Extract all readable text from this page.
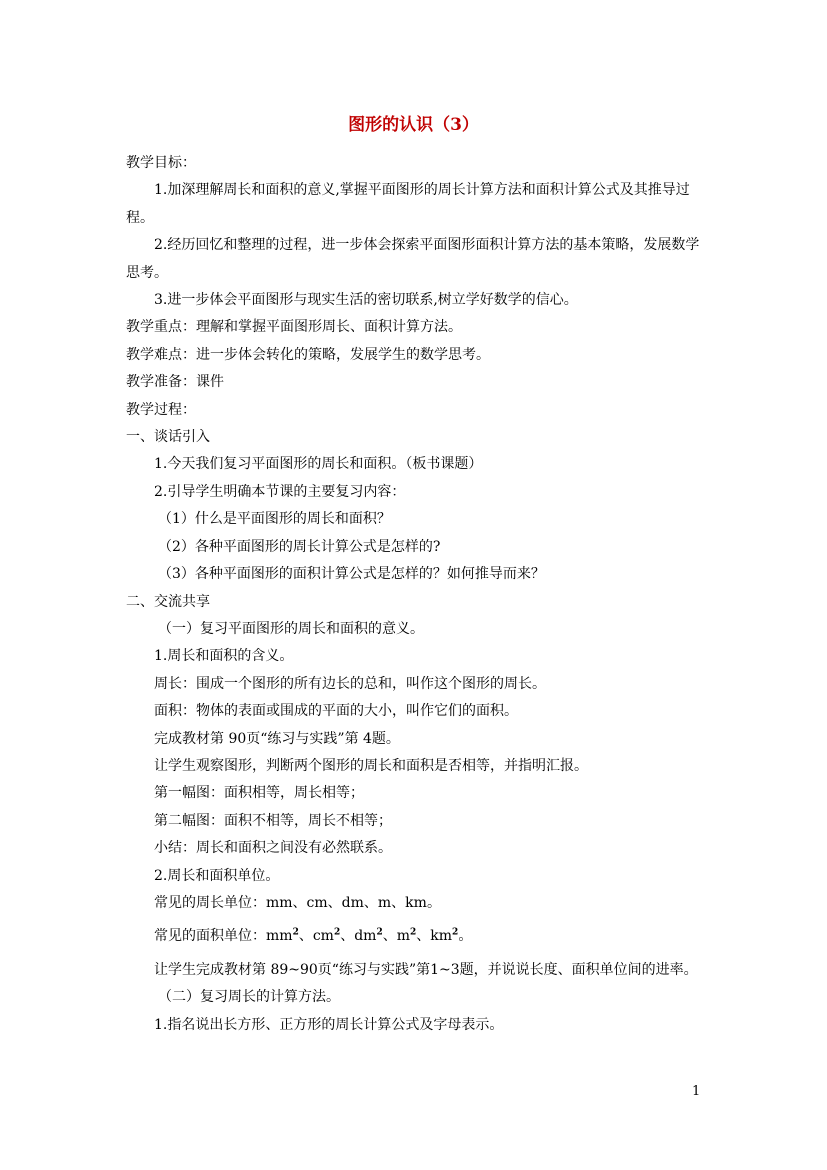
图形的认识（3）

教学目标：

1.加深理解周长和面积的意义,掌握平面图形的周长计算方法和面积计算公式及其推导过程。

2.经历回忆和整理的过程，进一步体会探索平面图形面积计算方法的基本策略，发展数学思考。

3.进一步体会平面图形与现实生活的密切联系,树立学好数学的信心。

教学重点：理解和掌握平面图形周长、面积计算方法。

教学难点：进一步体会转化的策略，发展学生的数学思考。

教学准备：课件

教学过程：

一、谈话引入

1.今天我们复习平面图形的周长和面积。（板书课题）

2.引导学生明确本节课的主要复习内容：

（1）什么是平面图形的周长和面积？

（2）各种平面图形的周长计算公式是怎样的?

（3）各种平面图形的面积计算公式是怎样的？如何推导而来？

二、交流共享

（一）复习平面图形的周长和面积的意义。

1.周长和面积的含义。

周长：围成一个图形的所有边长的总和，叫作这个图形的周长。

面积：物体的表面或围成的平面的大小，叫作它们的面积。

完成教材第 90页“练习与实践”第 4题。

让学生观察图形，判断两个图形的周长和面积是否相等，并指明汇报。

第一幅图：面积相等，周长相等；

第二幅图：面积不相等，周长不相等；

小结：周长和面积之间没有必然联系。

2.周长和面积单位。

常见的周长单位：mm、cm、dm、m、km。

常见的面积单位：$mm^2$、$cm^2$、$dm^2$、$m^2$、$km^2$。

让学生完成教材第 89~90页“练习与实践”第1~3题，并说说长度、面积单位间的进率。

（二）复习周长的计算方法。

1.指名说出长方形、正方形的周长计算公式及字母表示。

1
